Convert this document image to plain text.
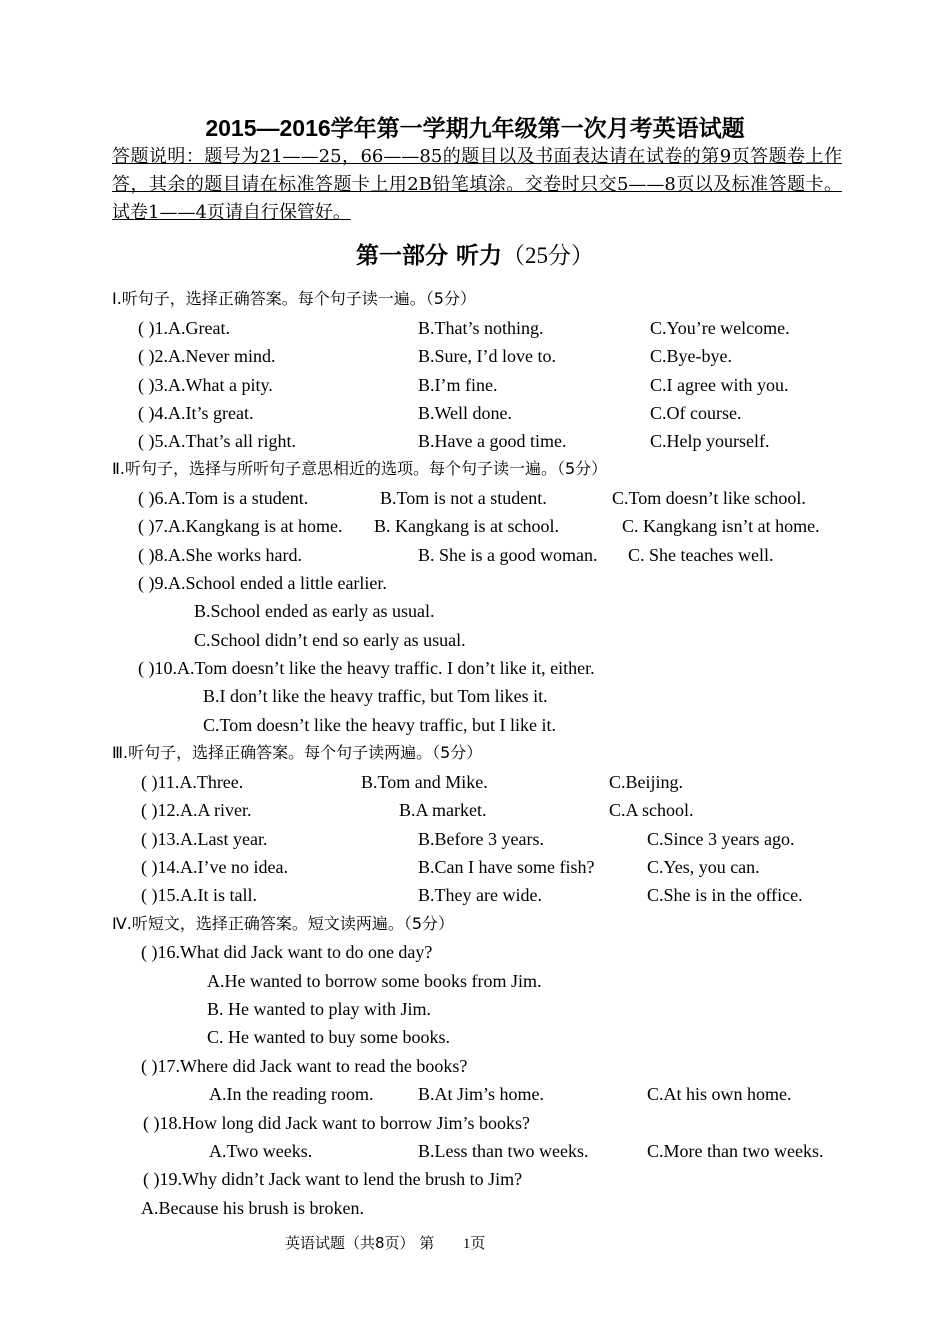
2015—2016学年第一学期九年级第一次月考英语试题
答题说明：题号为21——25，66——85的题目以及书面表达请在试卷的第9页答题卷上作答，其余的题目请在标准答题卡上用2B铅笔填涂。交卷时只交5——8页以及标准答题卡。试卷1——4页请自行保管好。
第一部分 听力（25分）
Ⅰ.听句子，选择正确答案。每个句子读一遍。（5分）
( )1.A.Great.	B.That’s nothing.	C.You’re welcome.
( )2.A.Never mind.	B.Sure, I’d love to.	C.Bye-bye.
( )3.A.What a pity.	B.I’m fine.	C.I agree with you.
( )4.A.It’s great.	B.Well done.	C.Of course.
( )5.A.That’s all right.	B.Have a good time.	C.Help yourself.
Ⅱ.听句子，选择与所听句子意思相近的选项。每个句子读一遍。（5分）
( )6.A.Tom is a student.	B.Tom is not a student.	C.Tom doesn’t like school.
( )7.A.Kangkang is at home. B. Kangkang is at school.	C. Kangkang isn’t at home.
( )8.A.She works hard.	B. She is a good woman. C. She teaches well.
( )9.A.School ended a little earlier.
B.School ended as early as usual.
C.School didn’t end so early as usual.
( )10.A.Tom doesn’t like the heavy traffic. I don’t like it, either.
B.I don’t like the heavy traffic, but Tom likes it.
C.Tom doesn’t like the heavy traffic, but I like it.
Ⅲ.听句子，选择正确答案。每个句子读两遍。（5分）
( )11.A.Three.	B.Tom and Mike.	C.Beijing.
( )12.A.A river.	B.A market.	C.A school.
( )13.A.Last year.	B.Before 3 years.	C.Since 3 years ago.
( )14.A.I’ve no idea.	B.Can I have some fish?	C.Yes, you can.
( )15.A.It is tall.	B.They are wide.	C.She is in the office.
Ⅳ.听短文，选择正确答案。短文读两遍。（5分）
( )16.What did Jack want to do one day?
A.He wanted to borrow some books from Jim.
B. He wanted to play with Jim.
C. He wanted to buy some books.
( )17.Where did Jack want to read the books?
A.In the reading room. B.At Jim’s home.	C.At his own home.
( )18.How long did Jack want to borrow Jim’s books?
A.Two weeks.	B.Less than two weeks.	C.More than two weeks.
( )19.Why didn’t Jack want to lend the brush to Jim?
A.Because his brush is broken.
英语试题（共8页） 第 1页
